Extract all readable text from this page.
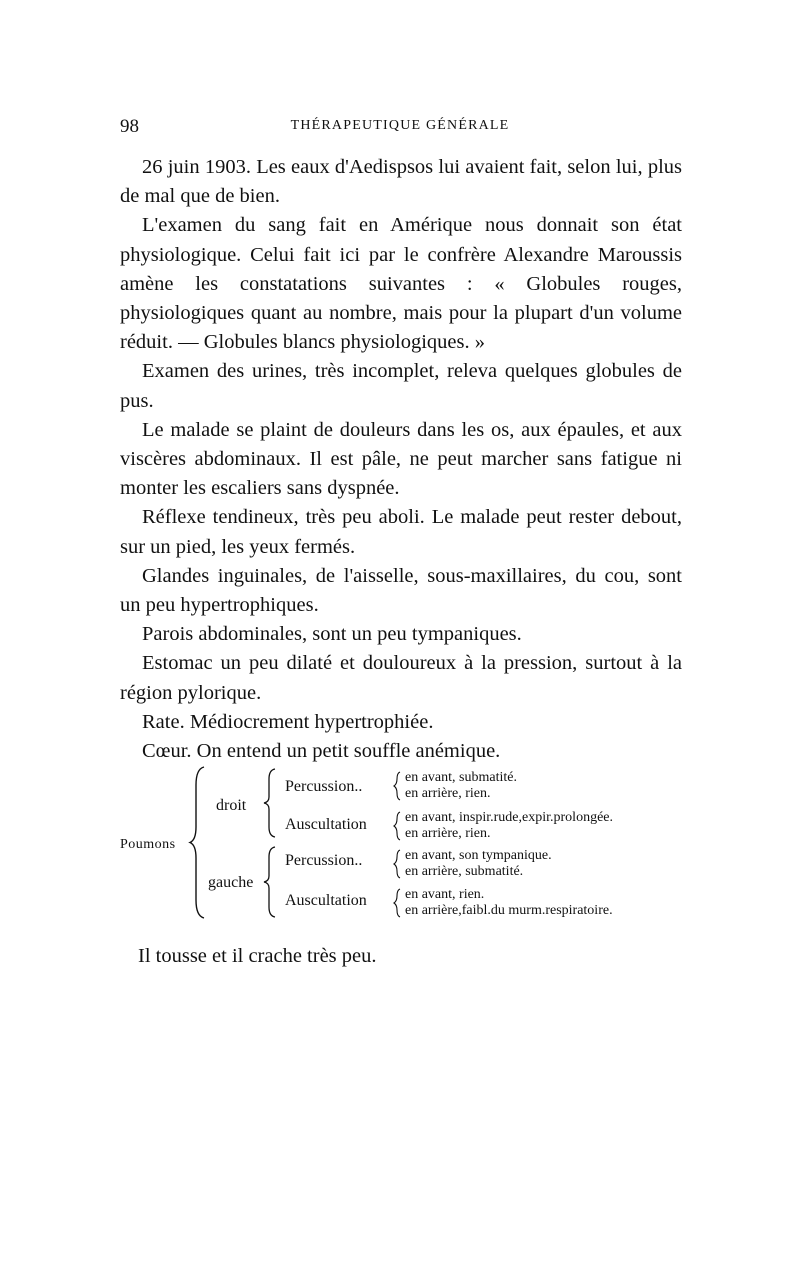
98	THÉRAPEUTIQUE GÉNÉRALE

26 juin 1903. Les eaux d'Aedispsos lui avaient fait, selon lui, plus de mal que de bien.

L'examen du sang fait en Amérique nous donnait son état physiologique. Celui fait ici par le confrère Alexandre Maroussis amène les constatations suivantes : « Globules rouges, physiologiques quant au nombre, mais pour la plupart d'un volume réduit. — Globules blancs physiologiques. »

Examen des urines, très incomplet, releva quelques globules de pus.

Le malade se plaint de douleurs dans les os, aux épaules, et aux viscères abdominaux. Il est pâle, ne peut marcher sans fatigue ni monter les escaliers sans dyspnée.

Réflexe tendineux, très peu aboli. Le malade peut rester debout, sur un pied, les yeux fermés.

Glandes inguinales, de l'aisselle, sous-maxillaires, du cou, sont un peu hypertrophiques.

Parois abdominales, sont un peu tympaniques.

Estomac un peu dilaté et douloureux à la pression, surtout à la région pylorique.

Rate. Médiocrement hypertrophiée.

Cœur. On entend un petit souffle anémique.

Poumons
droit
gauche
Percussion..
Auscultation
Percussion..
Auscultation
en avant, submatité.
en arrière, rien.
en avant, inspir.rude,expir.prolongée.
en arrière, rien.
en avant, son tympanique.
en arrière, submatité.
en avant, rien.
en arrière,faibl.du murm.respiratoire.
Il tousse et il crache très peu.
